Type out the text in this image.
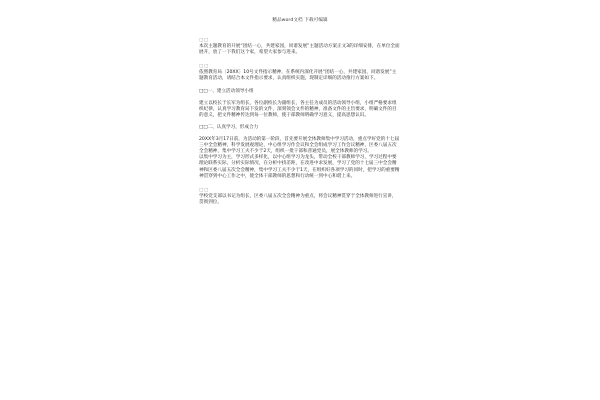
精品word文档 下载可编辑

□□

本次主题教育的开展“团结一心，共建家园，同谱发展”主题活动方案正文3的详细安排，在单位全面展开，放了一下我们这个家，希望大家参与进来。

□□

依照教育局〔20XX〕10号文件指示精神，在系统内深化开展“团结一心，共建家园，同谱发展”主题教育活动，请结合本文件指示要求，认真组织实施，现制定详细的活动推行方案如下。

□□一、建立活动领导小组

建立以校长于长军为组长，各位副校长为副组长，各主任为成员的活动领导小组，小组严格要求组织纪律，认真学习教育局下发的文件，深刻领会文件的精神，准备文件的主旨要求，明确文件的目的意义，把文件精神传达到每一位教师，使干部教师明确学习意义，提高思想认识。

□□二、认真学习，形成合力

20XX年3月17日前，为活动的第一阶段，首先要开展全体教师集中学习活动，重点学好党的十七届三中全会精神，科学发展观理论，中心组学习作会议和全会组成学习工作会议精神，区委八届五次全会精神，集中学习工夫不少于2天，组织一批干部和普通党员，展全体教师的学习。

以集中学习为主，学习形式多样化，以中心组学习为龙头，带动全校干部教师学习，学习过程中要理论联系实际，分析实际情况，在分析中找差距，在改进中求发展，学习了党的十七届三中全会精神和区委八届五次全会精神，集中学习工夫不少于1天，在组织好各项学习的同时，把学习的重要精神贯穿到中心工作之中，使全体干部教师的思想和行动统一到中心和谐上来。

□□

学校党支部以书记为组长，区委八届五次全会精神为重点，将会议精神贯穿于全体教师进行宣讲，贯彻到位。
